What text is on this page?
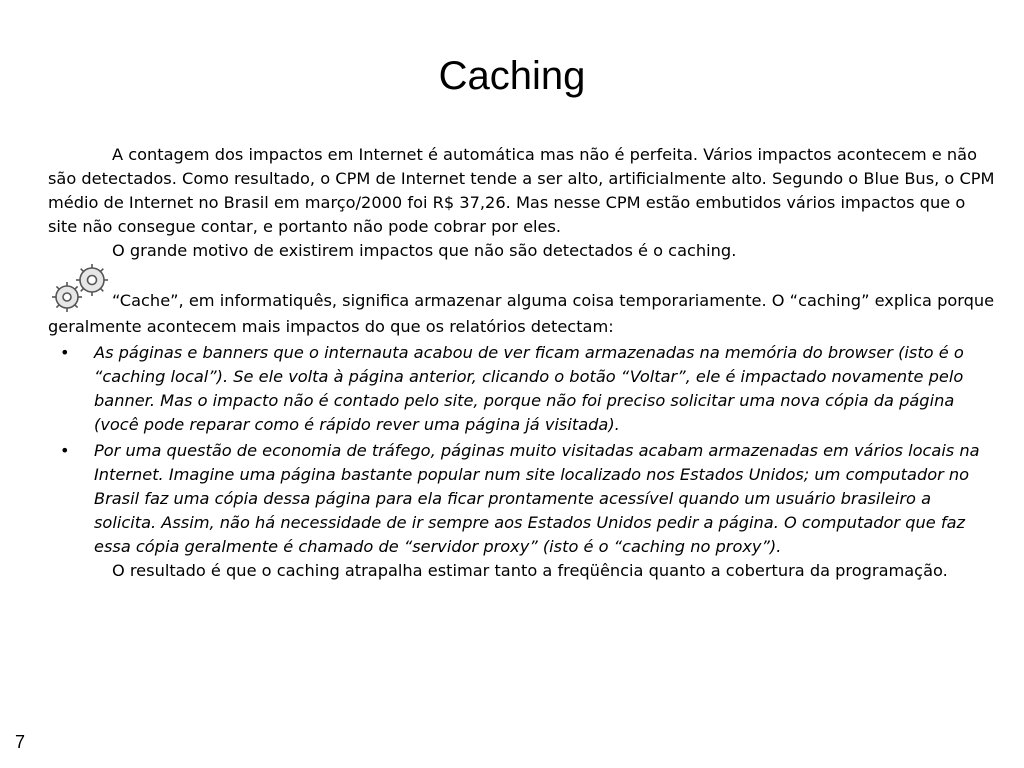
Caching

A contagem dos impactos em Internet é automática mas não é perfeita. Vários impactos acontecem e não são detectados. Como resultado, o CPM de Internet tende a ser alto, artificialmente alto. Segundo o Blue Bus, o CPM médio de Internet no Brasil em março/2000 foi R$ 37,26. Mas nesse CPM estão embutidos vários impactos que o site não consegue contar, e portanto não pode cobrar por eles.

O grande motivo de existirem impactos que não são detectados é o caching.

“Cache”, em informatiquês, significa armazenar alguma coisa temporariamente. O “caching” explica porque geralmente acontecem mais impactos do que os relatórios detectam:

• As páginas e banners que o internauta acabou de ver ficam armazenadas na memória do browser (isto é o “caching local”). Se ele volta à página anterior, clicando o botão “Voltar”, ele é impactado novamente pelo banner. Mas o impacto não é contado pelo site, porque não foi preciso solicitar uma nova cópia da página (você pode reparar como é rápido rever uma página já visitada).
• Por uma questão de economia de tráfego, páginas muito visitadas acabam armazenadas em vários locais na Internet. Imagine uma página bastante popular num site localizado nos Estados Unidos; um computador no Brasil faz uma cópia dessa página para ela ficar prontamente acessível quando um usuário brasileiro a solicita. Assim, não há necessidade de ir sempre aos Estados Unidos pedir a página. O computador que faz essa cópia geralmente é chamado de “servidor proxy” (isto é o “caching no proxy”).

O resultado é que o caching atrapalha estimar tanto a freqüência quanto a cobertura da programação.

7
